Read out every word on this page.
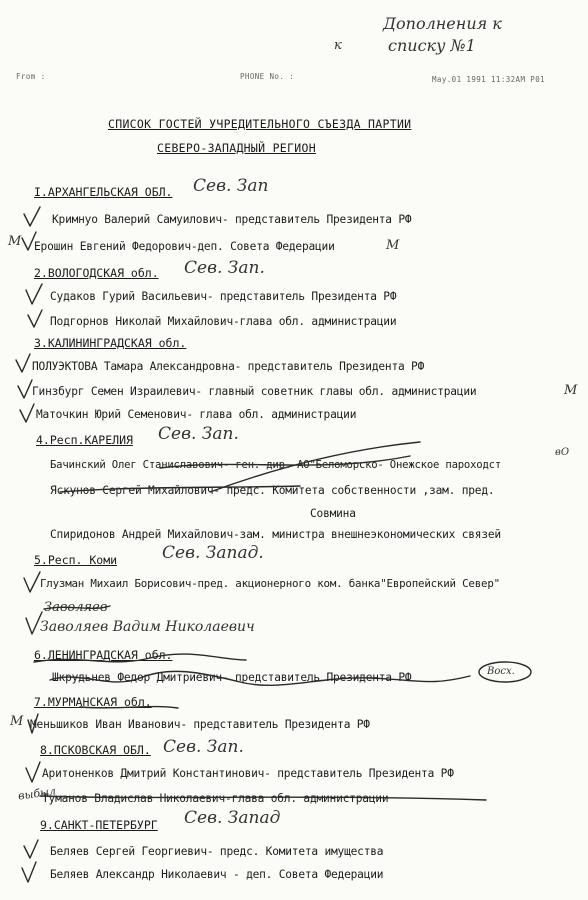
Дополнения к
списку №1
к
From :	PHONE No. :	May.01 1991 11:32AM P01
СПИСОК ГОСТЕЙ УЧРЕДИТЕЛЬНОГО СЪЕЗДА ПАРТИИ
СЕВЕРО-ЗАПАДНЫЙ РЕГИОН
I.АРХАНГЕЛЬСКАЯ ОБЛ. Сев. Зап
Кримнуо Валерий Самуилович- представитель Президента РФ
Ерошин Евгений Федорович-деп. Совета Федерации	М
2.ВОЛОГОДСКАЯ обл. Сев. Зап.
Судаков Гурий Васильевич- представитель Президента РФ
Подгорнов Николай Михайлович-глава обл. администрации
3.КАЛИНИНГРАДСКАЯ обл.
ПОЛУЭКТОВА Тамара Александровна- представитель Президента РФ
Гинзбург Семен Израилевич- главный советник главы обл. администрации	М
Маточкин Юрий Семенович- глава обл. администрации
4.Респ.КАРЕЛИЯ Сев. Зап.
вО
Бачинский Олег Станиславович- ген. дир. АО"Беломорско- Онежское пароходст
Яскунов Сергей Михайлович- предс. Комитета собственности ,зам. пред.
Совмина
Спиридонов Андрей Михайлович-зам. министра внешнеэкономических связей
5.Респ. Коми	Сев. Запад.
Глузман Михаил Борисович-пред. акционерного ком. банка"Европейский Север"
Заволяев
Заволяев Вадим Николаевич
6.ЛЕНИНГРАДСКАЯ обл.
Шкрудьнев Федор Дмитриевич- представитель Президента РФ	Восх.
7.МУРМАНСКАЯ обл.
Меньшиков Иван Иванович- представитель Президента РФ
8.ПСКОВСКАЯ ОБЛ. Сев. Зап.
Аритоненков Дмитрий Константинович- представитель Президента РФ
выбыл
Туманов Владислав Николаевич-глава обл. администрации
9.САНКТ-ПЕТЕРБУРГ Сев. Запад
Беляев Сергей Георгиевич- предс. Комитета имущества
Беляев Александр Николаевич - деп. Совета Федерации
М
М
